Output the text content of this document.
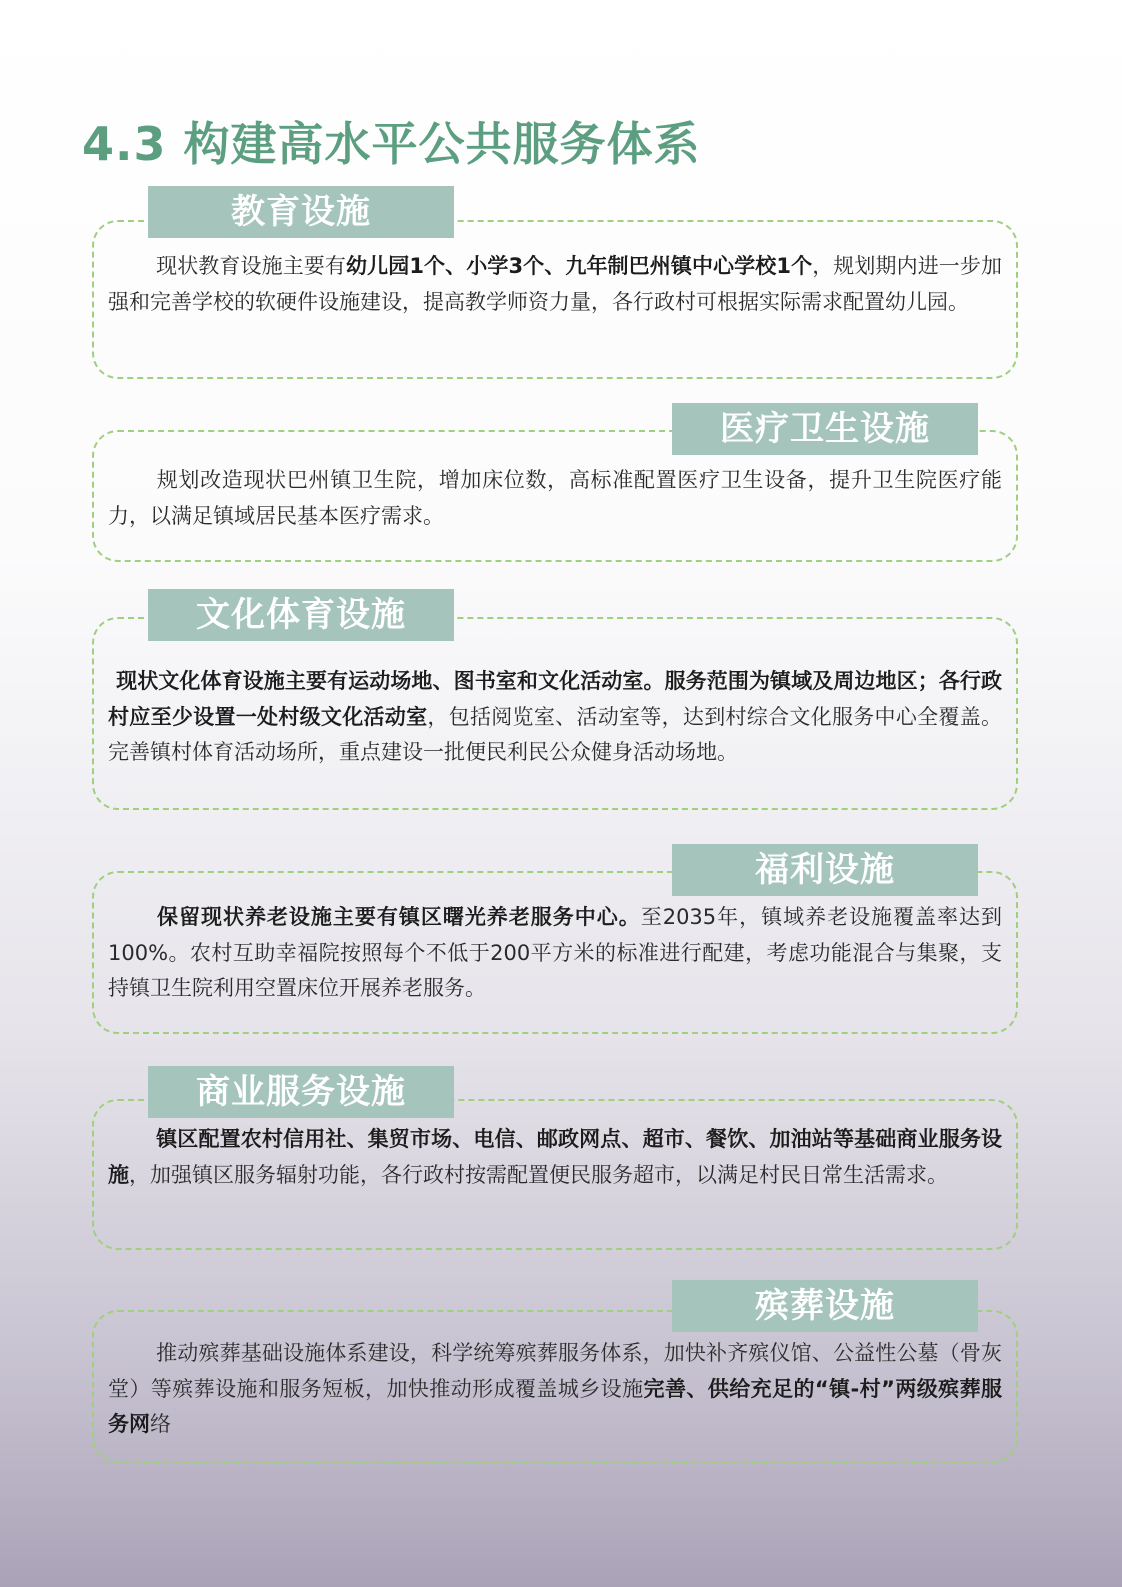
4.3 构建高水平公共服务体系
教育设施

现状教育设施主要有幼儿园1个、小学3个、九年制巴州镇中心学校1个，规划期内进一步加强和完善学校的软硬件设施建设，提高教学师资力量，各行政村可根据实际需求配置幼儿园。

医疗卫生设施

规划改造现状巴州镇卫生院，增加床位数，高标准配置医疗卫生设备，提升卫生院医疗能力，以满足镇域居民基本医疗需求。

文化体育设施

现状文化体育设施主要有运动场地、图书室和文化活动室。服务范围为镇域及周边地区；各行政村应至少设置一处村级文化活动室，包括阅览室、活动室等，达到村综合文化服务中心全覆盖。完善镇村体育活动场所，重点建设一批便民利民公众健身活动场地。

福利设施

保留现状养老设施主要有镇区曙光养老服务中心。至2035年，镇域养老设施覆盖率达到100%。农村互助幸福院按照每个不低于200平方米的标准进行配建，考虑功能混合与集聚，支持镇卫生院利用空置床位开展养老服务。

商业服务设施

镇区配置农村信用社、集贸市场、电信、邮政网点、超市、餐饮、加油站等基础商业服务设施，加强镇区服务辐射功能，各行政村按需配置便民服务超市，以满足村民日常生活需求。

殡葬设施

推动殡葬基础设施体系建设，科学统筹殡葬服务体系，加快补齐殡仪馆、公益性公墓（骨灰堂）等殡葬设施和服务短板，加快推动形成覆盖城乡设施完善、供给充足的“镇-村”两级殡葬服务网络
